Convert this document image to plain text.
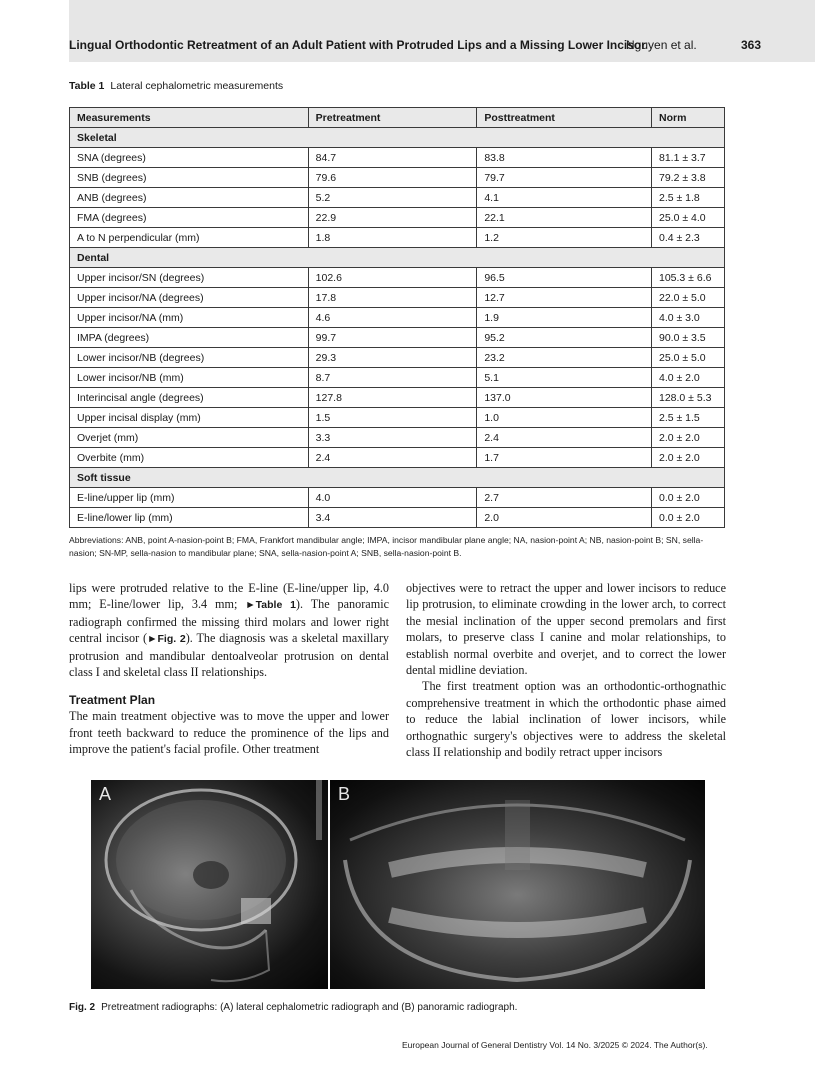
Lingual Orthodontic Retreatment of an Adult Patient with Protruded Lips and a Missing Lower Incisor
Nguyen et al.	363
Table 1 Lateral cephalometric measurements
Measurements	Pretreatment	Posttreatment	Norm
Skeletal			
SNA (degrees)	84.7	83.8	81.1 ± 3.7
SNB (degrees)	79.6	79.7	79.2 ± 3.8
ANB (degrees)	5.2	4.1	2.5 ± 1.8
FMA (degrees)	22.9	22.1	25.0 ± 4.0
A to N perpendicular (mm)	1.8	1.2	0.4 ± 2.3
Dental			
Upper incisor/SN (degrees)	102.6	96.5	105.3 ± 6.6
Upper incisor/NA (degrees)	17.8	12.7	22.0 ± 5.0
Upper incisor/NA (mm)	4.6	1.9	4.0 ± 3.0
IMPA (degrees)	99.7	95.2	90.0 ± 3.5
Lower incisor/NB (degrees)	29.3	23.2	25.0 ± 5.0
Lower incisor/NB (mm)	8.7	5.1	4.0 ± 2.0
Interincisal angle (degrees)	127.8	137.0	128.0 ± 5.3
Upper incisal display (mm)	1.5	1.0	2.5 ± 1.5
Overjet (mm)	3.3	2.4	2.0 ± 2.0
Overbite (mm)	2.4	1.7	2.0 ± 2.0
Soft tissue			
E-line/upper lip (mm)	4.0	2.7	0.0 ± 2.0
E-line/lower lip (mm)	3.4	2.0	0.0 ± 2.0
Abbreviations: ANB, point A-nasion-point B; FMA, Frankfort mandibular angle; IMPA, incisor mandibular plane angle; NA, nasion-point A; NB, nasion-point B; SN, sella-nasion; SN-MP, sella-nasion to mandibular plane; SNA, sella-nasion-point A; SNB, sella-nasion-point B.

lips were protruded relative to the E-line (E-line/upper lip, 4.0 mm; E-line/lower lip, 3.4 mm; ►Table 1). The panoramic radiograph confirmed the missing third molars and lower right central incisor (►Fig. 2). The diagnosis was a skeletal maxillary protrusion and mandibular dentoalveolar protrusion on dental class I and skeletal class II relationships.

Treatment Plan

The main treatment objective was to move the upper and lower front teeth backward to reduce the prominence of the lips and improve the patient's facial profile. Other treatment

objectives were to retract the upper and lower incisors to reduce lip protrusion, to eliminate crowding in the lower arch, to correct the mesial inclination of the upper second premolars and first molars, to preserve class I canine and molar relationships, to establish normal overbite and overjet, and to correct the lower dental midline deviation.

The first treatment option was an orthodontic-orthognathic comprehensive treatment in which the orthodontic phase aimed to reduce the labial inclination of lower incisors, while orthognathic surgery's objectives were to address the skeletal class II relationship and bodily retract upper incisors

A	B
Fig. 2 Pretreatment radiographs: (A) lateral cephalometric radiograph and (B) panoramic radiograph.
European Journal of General Dentistry Vol. 14 No. 3/2025 © 2024. The Author(s).
